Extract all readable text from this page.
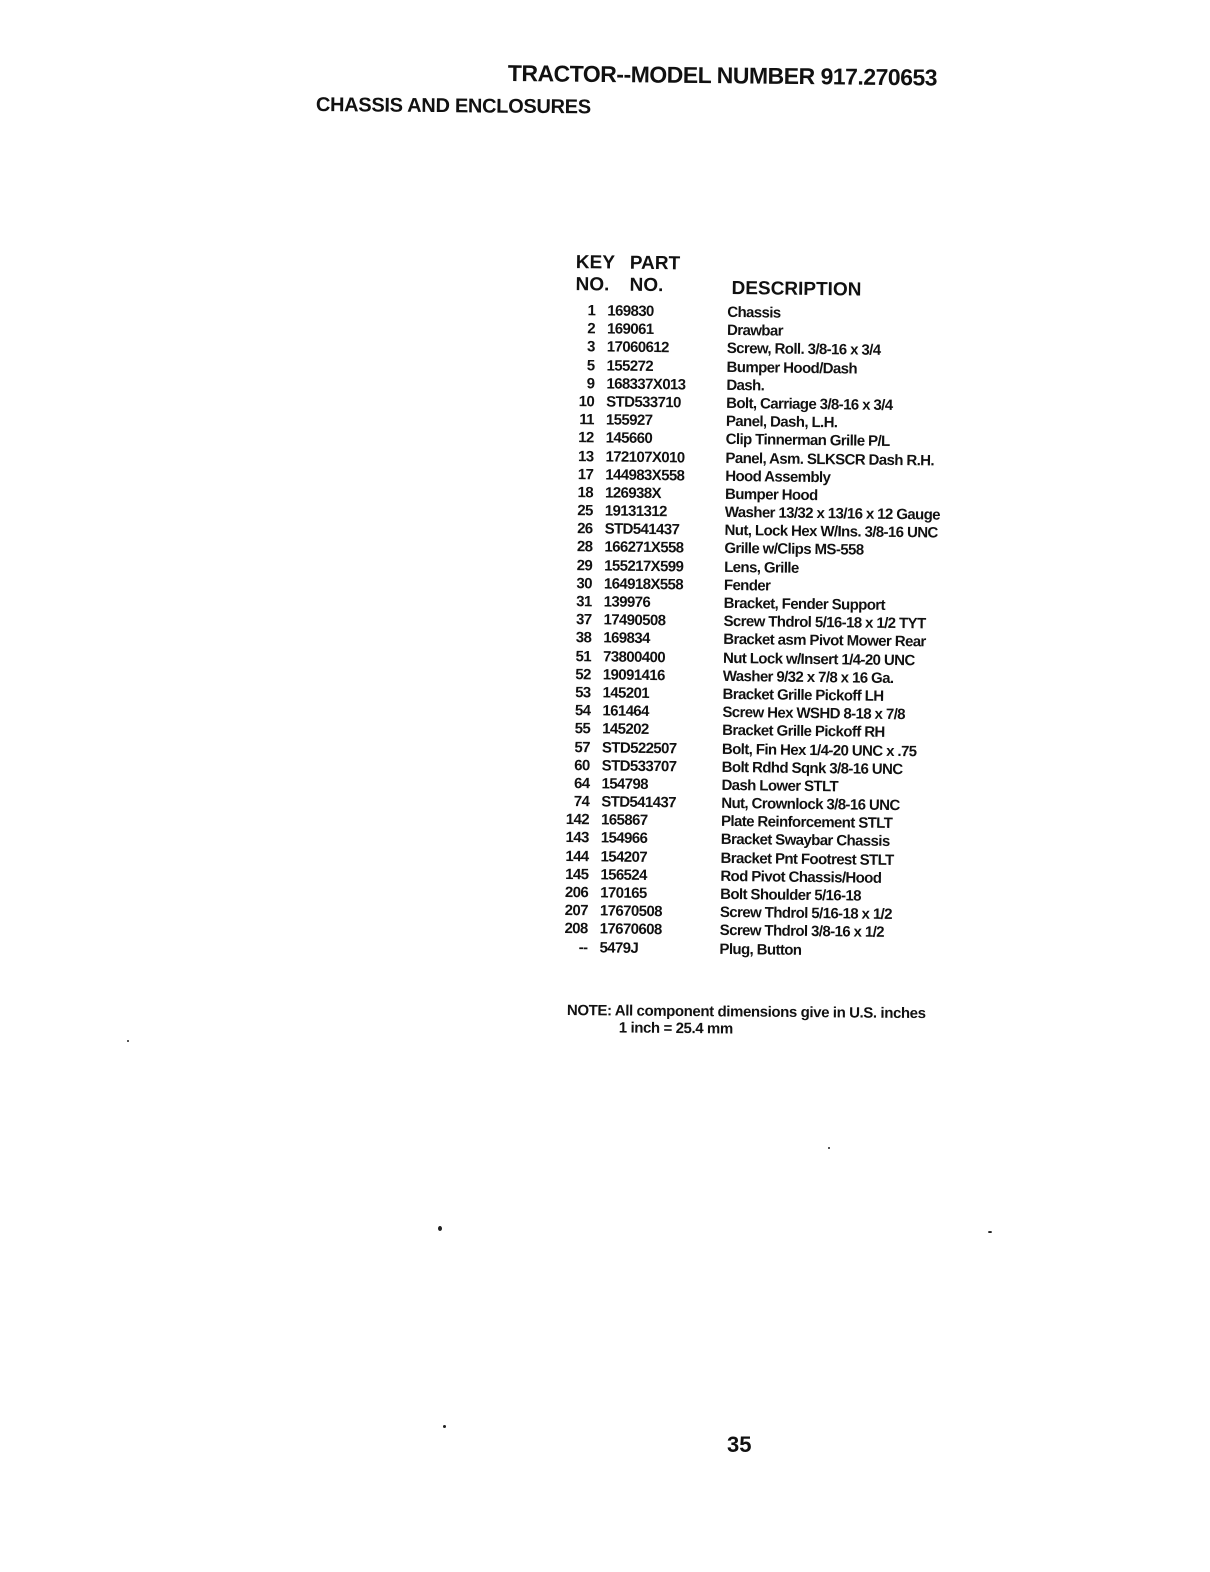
TRACTOR--MODEL NUMBER 917.270653
CHASSIS AND ENCLOSURES
KEY
NO.
PART
NO.	DESCRIPTION
1 169830	Chassis
2 169061	Drawbar
3 17060612	Screw, Roll. 3/8-16 x 3/4
5 155272	Bumper Hood/Dash
9 168337X013	Dash.
10 STD533710	Bolt, Carriage 3/8-16 x 3/4
11 155927	Panel, Dash, L.H.
12 145660	Clip Tinnerman Grille P/L
13 172107X010	Panel, Asm. SLKSCR Dash R.H.
17 144983X558	Hood Assembly
18 126938X	Bumper Hood
25 19131312	Washer 13/32 x 13/16 x 12 Gauge
26 STD541437	Nut, Lock Hex W/Ins. 3/8-16 UNC
28 166271X558	Grille w/Clips MS-558
29 155217X599	Lens, Grille
30 164918X558	Fender
31 139976	Bracket, Fender Support
37 17490508	Screw Thdrol 5/16-18 x 1/2 TYT
38 169834	Bracket asm Pivot Mower Rear
51 73800400	Nut Lock w/Insert 1/4-20 UNC
52 19091416	Washer 9/32 x 7/8 x 16 Ga.
53 145201	Bracket Grille Pickoff LH
54 161464	Screw Hex WSHD 8-18 x 7/8
55 145202	Bracket Grille Pickoff RH
57 STD522507	Bolt, Fin Hex 1/4-20 UNC x .75
60 STD533707	Bolt Rdhd Sqnk 3/8-16 UNC
64 154798	Dash Lower STLT
74 STD541437	Nut, Crownlock 3/8-16 UNC
142 165867	Plate Reinforcement STLT
143 154966	Bracket Swaybar Chassis
144 154207	Bracket Pnt Footrest STLT
145 156524	Rod Pivot Chassis/Hood
206 170165	Bolt Shoulder 5/16-18
207 17670508	Screw Thdrol 5/16-18 x 1/2
208 17670608	Screw Thdrol 3/8-16 x 1/2
-- 5479J	Plug, Button
NOTE: All component dimensions give in U.S. inches
1 inch = 25.4 mm
35
